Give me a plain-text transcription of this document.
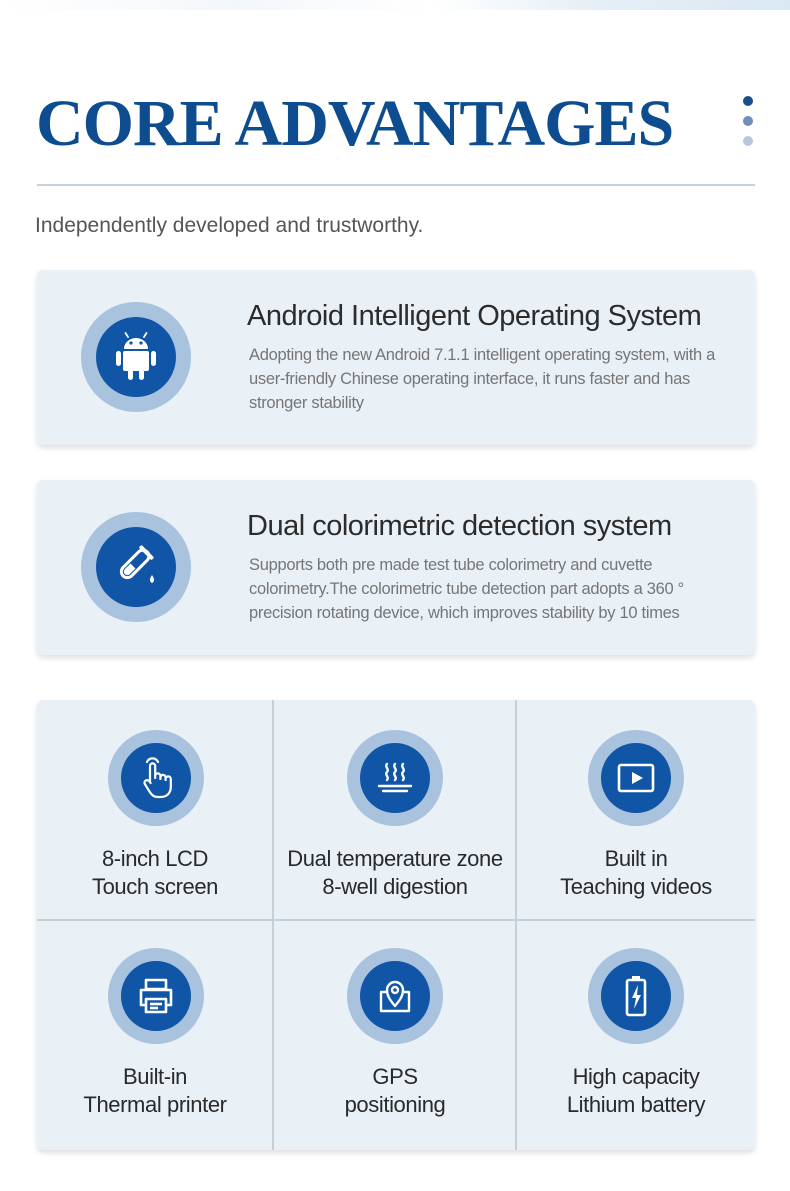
CORE ADVANTAGES

Independently developed and trustworthy.

Android Intelligent Operating System
Adopting the new Android 7.1.1 intelligent operating system, with a user-friendly Chinese operating interface, it runs faster and has stronger stability
Dual colorimetric detection system
Supports both pre made test tube colorimetry and cuvette colorimetry.The colorimetric tube detection part adopts a 360 ° precision rotating device, which improves stability by 10 times
8-inch LCD
Touch screen
Dual temperature zone
8-well digestion
Built in
Teaching videos
Built-in
Thermal printer
GPS
positioning
High capacity
Lithium battery
